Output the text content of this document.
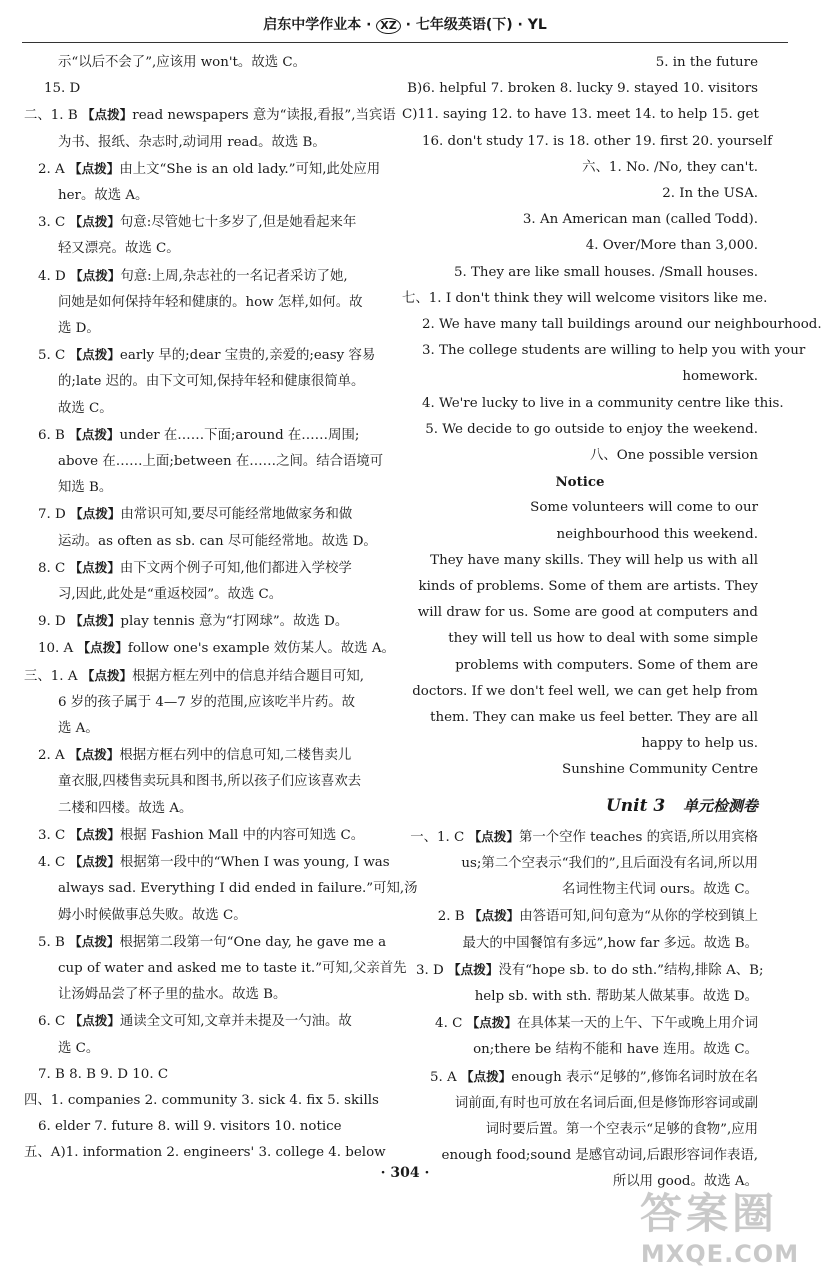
启东中学作业本 · XZ · 七年级英语(下) · YL
示“以后不会了”,应该用 won't。故选 C。
15. D
二、1. B 【点拨】read newspapers 意为“读报,看报”,当宾语
为书、报纸、杂志时,动词用 read。故选 B。
2. A 【点拨】由上文“She is an old lady.”可知,此处应用
her。故选 A。
3. C 【点拨】句意:尽管她七十多岁了,但是她看起来年
轻又漂亮。故选 C。
4. D 【点拨】句意:上周,杂志社的一名记者采访了她,
问她是如何保持年轻和健康的。how 怎样,如何。故
选 D。
5. C 【点拨】early 早的;dear 宝贵的,亲爱的;easy 容易
的;late 迟的。由下文可知,保持年轻和健康很简单。
故选 C。
6. B 【点拨】under 在……下面;around 在……周围;
above 在……上面;between 在……之间。结合语境可
知选 B。
7. D 【点拨】由常识可知,要尽可能经常地做家务和做
运动。as often as sb. can 尽可能经常地。故选 D。
8. C 【点拨】由下文两个例子可知,他们都进入学校学
习,因此,此处是“重返校园”。故选 C。
9. D 【点拨】play tennis 意为“打网球”。故选 D。
10. A 【点拨】follow one's example 效仿某人。故选 A。
三、1. A 【点拨】根据方框左列中的信息并结合题目可知,
6 岁的孩子属于 4—7 岁的范围,应该吃半片药。故
选 A。
2. A 【点拨】根据方框右列中的信息可知,二楼售卖儿
童衣服,四楼售卖玩具和图书,所以孩子们应该喜欢去
二楼和四楼。故选 A。
3. C 【点拨】根据 Fashion Mall 中的内容可知选 C。
4. C 【点拨】根据第一段中的“When I was young, I was
always sad. Everything I did ended in failure.”可知,汤
姆小时候做事总失败。故选 C。
5. B 【点拨】根据第二段第一句“One day, he gave me a
cup of water and asked me to taste it.”可知,父亲首先
让汤姆品尝了杯子里的盐水。故选 B。
6. C 【点拨】通读全文可知,文章并未提及一勺油。故
选 C。
7. B 8. B 9. D 10. C
四、1. companies 2. community 3. sick 4. fix 5. skills
6. elder 7. future 8. will 9. visitors 10. notice
五、A)1. information 2. engineers' 3. college 4. below
5. in the future
B)6. helpful 7. broken 8. lucky 9. stayed 10. visitors
C)11. saying 12. to have 13. meet 14. to help 15. get
16. don't study 17. is 18. other 19. first 20. yourself
六、1. No. /No, they can't.
2. In the USA.
3. An American man (called Todd).
4. Over/More than 3,000.
5. They are like small houses. /Small houses.
七、1. I don't think they will welcome visitors like me.
2. We have many tall buildings around our neighbourhood.
3. The college students are willing to help you with your
homework.
4. We're lucky to live in a community centre like this.
5. We decide to go outside to enjoy the weekend.
八、One possible version
Notice
Some volunteers will come to our neighbourhood this weekend.
They have many skills. They will help us with all kinds of problems. Some of them are artists. They will draw for us. Some are good at computers and they will tell us how to deal with some simple problems with computers. Some of them are doctors. If we don't feel well, we can get help from them. They can make us feel better. They are all happy to help us.
Sunshine Community Centre
Unit 3 单元检测卷
一、1. C 【点拨】第一个空作 teaches 的宾语,所以用宾格
us;第二个空表示“我们的”,且后面没有名词,所以用
名词性物主代词 ours。故选 C。
2. B 【点拨】由答语可知,问句意为“从你的学校到镇上
最大的中国餐馆有多远”,how far 多远。故选 B。
3. D 【点拨】没有“hope sb. to do sth.”结构,排除 A、B;
help sb. with sth. 帮助某人做某事。故选 D。
4. C 【点拨】在具体某一天的上午、下午或晚上用介词
on;there be 结构不能和 have 连用。故选 C。
5. A 【点拨】enough 表示“足够的”,修饰名词时放在名
词前面,有时也可放在名词后面,但是修饰形容词或副
词时要后置。第一个空表示“足够的食物”,应用
enough food;sound 是感官动词,后跟形容词作表语,
所以用 good。故选 A。
· 304 ·
答案圈
MXQE.COM
